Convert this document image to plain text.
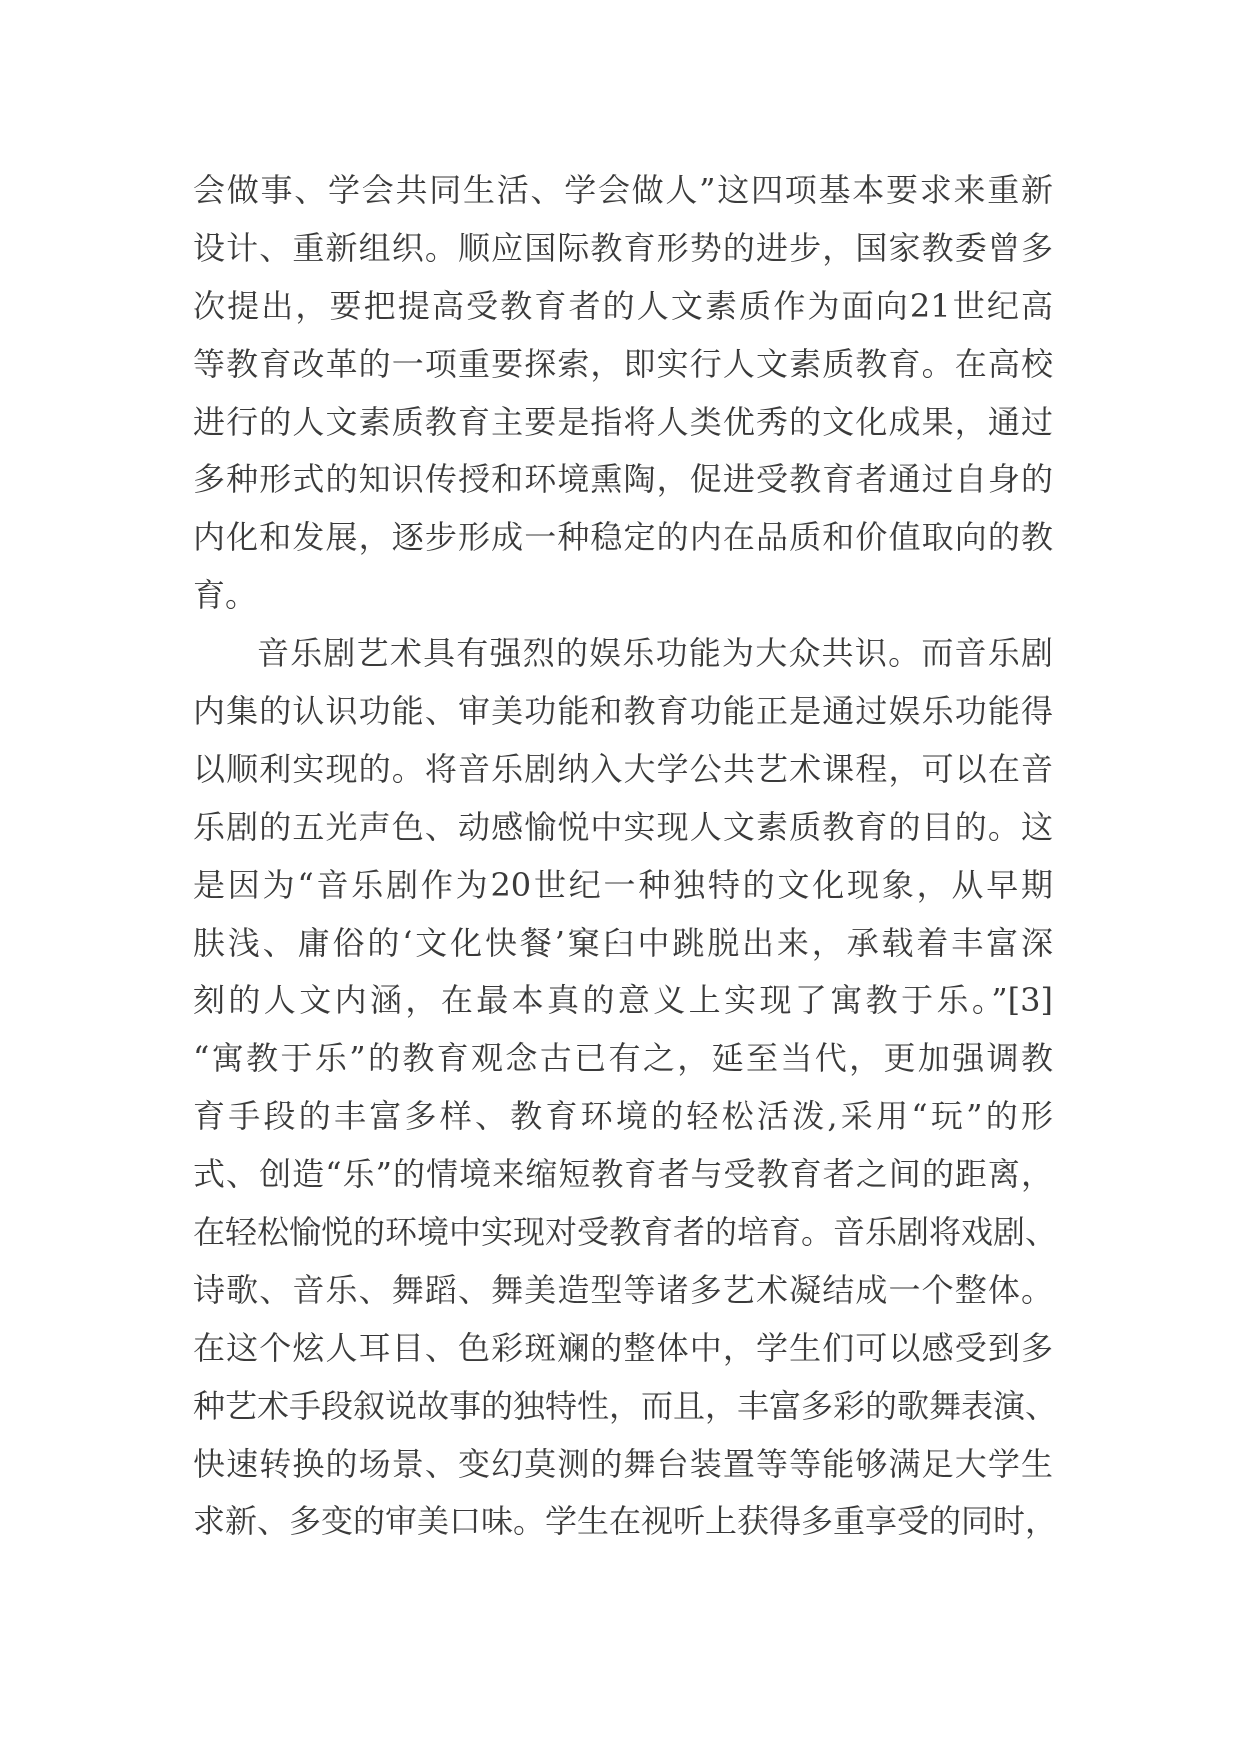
会做事、学会共同生活、学会做人”这四项基本要求来重新
设计、重新组织。顺应国际教育形势的进步，国家教委曾多
次提出，要把提高受教育者的人文素质作为面向21世纪高
等教育改革的一项重要探索，即实行人文素质教育。在高校
进行的人文素质教育主要是指将人类优秀的文化成果，通过
多种形式的知识传授和环境熏陶，促进受教育者通过自身的
内化和发展，逐步形成一种稳定的内在品质和价值取向的教
育。
音乐剧艺术具有强烈的娱乐功能为大众共识。而音乐剧
内集的认识功能、审美功能和教育功能正是通过娱乐功能得
以顺利实现的。将音乐剧纳入大学公共艺术课程，可以在音
乐剧的五光声色、动感愉悦中实现人文素质教育的目的。这
是因为“音乐剧作为20世纪一种独特的文化现象，从早期
肤浅、庸俗的‘文化快餐’窠臼中跳脱出来，承载着丰富深
刻的人文内涵，在最本真的意义上实现了寓教于乐。”[3]
“寓教于乐”的教育观念古已有之，延至当代，更加强调教
育手段的丰富多样、教育环境的轻松活泼,采用“玩”的形
式、创造“乐”的情境来缩短教育者与受教育者之间的距离，
在轻松愉悦的环境中实现对受教育者的培育。音乐剧将戏剧、
诗歌、音乐、舞蹈、舞美造型等诸多艺术凝结成一个整体。
在这个炫人耳目、色彩斑斓的整体中，学生们可以感受到多
种艺术手段叙说故事的独特性，而且，丰富多彩的歌舞表演、
快速转换的场景、变幻莫测的舞台装置等等能够满足大学生
求新、多变的审美口味。学生在视听上获得多重享受的同时，
